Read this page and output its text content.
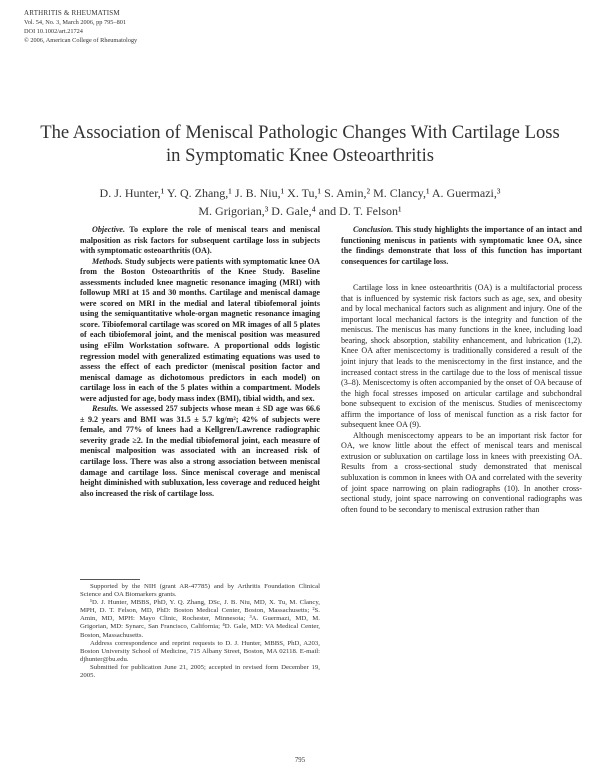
ARTHRITIS & RHEUMATISM
Vol. 54, No. 3, March 2006, pp 795–801
DOI 10.1002/art.21724
© 2006, American College of Rheumatology
The Association of Meniscal Pathologic Changes With Cartilage Loss in Symptomatic Knee Osteoarthritis
D. J. Hunter,¹ Y. Q. Zhang,¹ J. B. Niu,¹ X. Tu,¹ S. Amin,² M. Clancy,¹ A. Guermazi,³
M. Grigorian,³ D. Gale,⁴ and D. T. Felson¹

Objective. To explore the role of meniscal tears and meniscal malposition as risk factors for subsequent cartilage loss in subjects with symptomatic osteoarthritis (OA).

Methods. Study subjects were patients with symptomatic knee OA from the Boston Osteoarthritis of the Knee Study. Baseline assessments included knee magnetic resonance imaging (MRI) with followup MRI at 15 and 30 months. Cartilage and meniscal damage were scored on MRI in the medial and lateral tibiofemoral joints using the semiquantitative whole-organ magnetic resonance imaging score. Tibiofemoral cartilage was scored on MR images of all 5 plates of each tibiofemoral joint, and the meniscal position was measured using eFilm Workstation software. A proportional odds logistic regression model with generalized estimating equations was used to assess the effect of each predictor (meniscal position factor and meniscal damage as dichotomous predictors in each model) on cartilage loss in each of the 5 plates within a compartment. Models were adjusted for age, body mass index (BMI), tibial width, and sex.

Results. We assessed 257 subjects whose mean ± SD age was 66.6 ± 9.2 years and BMI was 31.5 ± 5.7 kg/m²; 42% of subjects were female, and 77% of knees had a Kellgren/Lawrence radiographic severity grade ≥2. In the medial tibiofemoral joint, each measure of meniscal malposition was associated with an increased risk of cartilage loss. There was also a strong association between meniscal damage and cartilage loss. Since meniscal coverage and meniscal height diminished with subluxation, less coverage and reduced height also increased the risk of cartilage loss.

Conclusion. This study highlights the importance of an intact and functioning meniscus in patients with symptomatic knee OA, since the findings demonstrate that loss of this function has important consequences for cartilage loss.

Cartilage loss in knee osteoarthritis (OA) is a multifactorial process that is influenced by systemic risk factors such as age, sex, and obesity and by local mechanical factors such as alignment and injury. One of the important local mechanical factors is the integrity and function of the meniscus. The meniscus has many functions in the knee, including load bearing, shock absorption, stability enhancement, and lubrication (1,2). Knee OA after meniscectomy is traditionally considered a result of the joint injury that leads to the meniscectomy in the first instance, and the increased contact stress in the cartilage due to the loss of meniscal tissue (3–8). Meniscectomy is often accompanied by the onset of OA because of the high focal stresses imposed on articular cartilage and subchondral bone subsequent to excision of the meniscus. Studies of meniscectomy affirm the importance of loss of meniscal function as a risk factor for subsequent knee OA (9).

Although meniscectomy appears to be an important risk factor for OA, we know little about the effect of meniscal tears and meniscal extrusion or subluxation on cartilage loss in knees with preexisting OA. Results from a cross-sectional study demonstrated that meniscal subluxation is common in knees with OA and correlated with the severity of joint space narrowing on plain radiographs (10). In another cross-sectional study, joint space narrowing on conventional radiographs was often found to be secondary to meniscal extrusion rather than

Supported by the NIH (grant AR-47785) and by Arthritis Foundation Clinical Science and OA Biomarkers grants.

¹D. J. Hunter, MBBS, PhD, Y. Q. Zhang, DSc, J. B. Niu, MD, X. Tu, M. Clancy, MPH, D. T. Felson, MD, PhD: Boston Medical Center, Boston, Massachusetts; ²S. Amin, MD, MPH: Mayo Clinic, Rochester, Minnesota; ³A. Guermazi, MD, M. Grigorian, MD: Synarc, San Francisco, California; ⁴D. Gale, MD: VA Medical Center, Boston, Massachusetts.

Address correspondence and reprint requests to D. J. Hunter, MBBS, PhD, A203, Boston University School of Medicine, 715 Albany Street, Boston, MA 02118. E-mail: djhunter@bu.edu.

Submitted for publication June 21, 2005; accepted in revised form December 19, 2005.

795
